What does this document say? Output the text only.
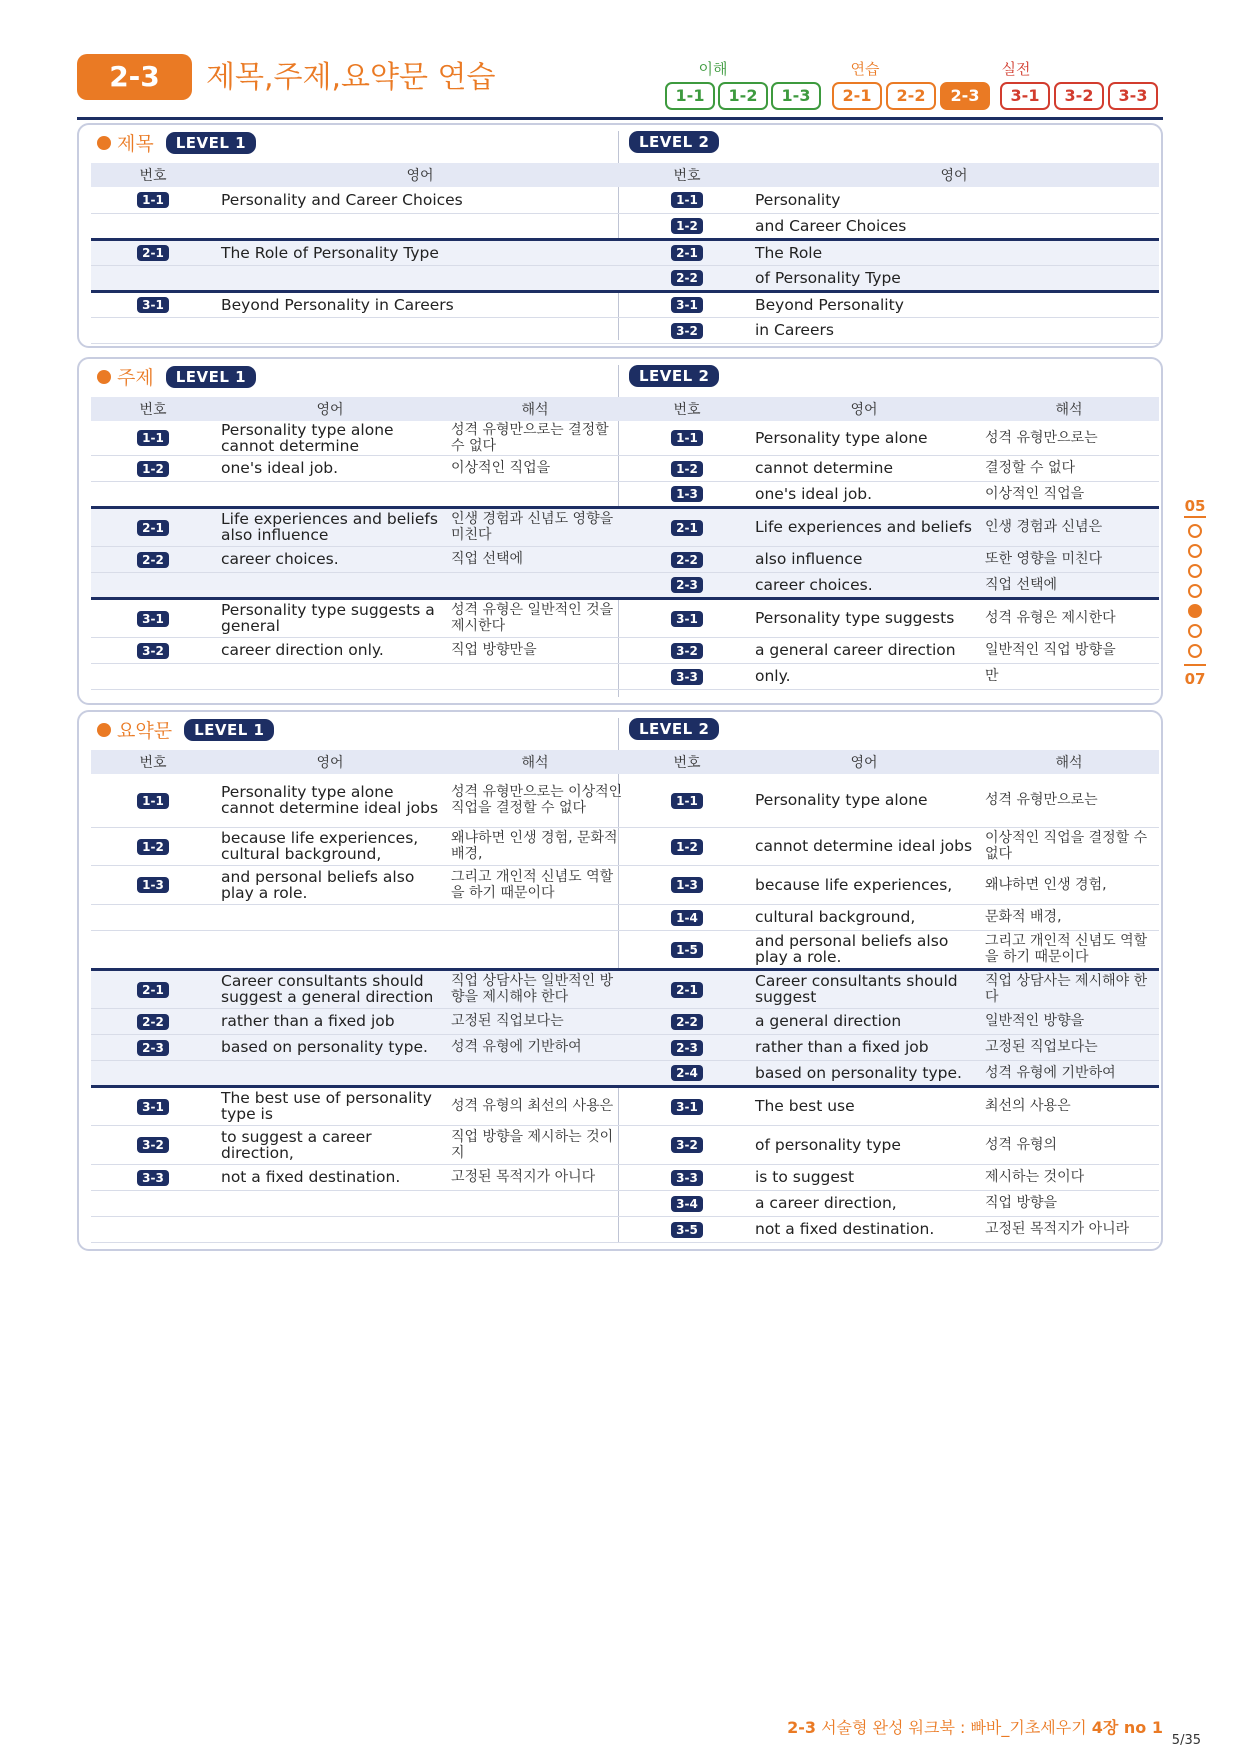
2-3	제목,주제,요약문 연습	이해
1-1	1-2	1-3
연습
2-1	2-2	2-3
실전
3-1	3-2	3-3
제목	LEVEL 1	LEVEL 2
번호	영어
1-1	Personality and Career Choices

2-1	The Role of Personality Type

3-1	Beyond Personality in Careers

번호	영어
1-1	Personality
1-2	and Career Choices
2-1	The Role
2-2	of Personality Type
3-1	Beyond Personality
3-2	in Careers
주제	LEVEL 1	LEVEL 2
번호	영어	해석
1-1	Personality type alone cannot determine	성격 유형만으로는 결정할 수 없다
1-2	one's ideal job.	이상적인 직업을

2-1	Life experiences and beliefs also influence	인생 경험과 신념도 영향을 미친다
2-2	career choices.	직업 선택에

3-1	Personality type suggests a general	성격 유형은 일반적인 것을 제시한다
3-2	career direction only.	직업 방향만을

번호	영어	해석
1-1	Personality type alone	성격 유형만으로는
1-2	cannot determine	결정할 수 없다
1-3	one's ideal job.	이상적인 직업을
2-1	Life experiences and beliefs	인생 경험과 신념은
2-2	also influence	또한 영향을 미친다
2-3	career choices.	직업 선택에
3-1	Personality type suggests	성격 유형은 제시한다
3-2	a general career direction	일반적인 직업 방향을
3-3	only.	만
요약문	LEVEL 1	LEVEL 2
번호	영어	해석
1-1	Personality type alone cannot determine ideal jobs	성격 유형만으로는 이상적인 직업을 결정할 수 없다
1-2	because life experiences, cultural background,	왜냐하면 인생 경험, 문화적 배경,
1-3	and personal beliefs also play a role.	그리고 개인적 신념도 역할을 하기 때문이다

2-1	Career consultants should suggest a general direction	직업 상담사는 일반적인 방향을 제시해야 한다
2-2	rather than a fixed job	고정된 직업보다는
2-3	based on personality type.	성격 유형에 기반하여

3-1	The best use of personality type is	성격 유형의 최선의 사용은
3-2	to suggest a career direction,	직업 방향을 제시하는 것이지
3-3	not a fixed destination.	고정된 목적지가 아니다

번호	영어	해석
1-1	Personality type alone	성격 유형만으로는
1-2	cannot determine ideal jobs	이상적인 직업을 결정할 수 없다
1-3	because life experiences,	왜냐하면 인생 경험,
1-4	cultural background,	문화적 배경,
1-5	and personal beliefs also play a role.	그리고 개인적 신념도 역할을 하기 때문이다
2-1	Career consultants should suggest	직업 상담사는 제시해야 한다
2-2	a general direction	일반적인 방향을
2-3	rather than a fixed job	고정된 직업보다는
2-4	based on personality type.	성격 유형에 기반하여
3-1	The best use	최선의 사용은
3-2	of personality type	성격 유형의
3-3	is to suggest	제시하는 것이다
3-4	a career direction,	직업 방향을
3-5	not a fixed destination.	고정된 목적지가 아니라
05
07
2-3 서술형 완성 워크북 : 빠바_기초세우기 4장 no 1
5/35
